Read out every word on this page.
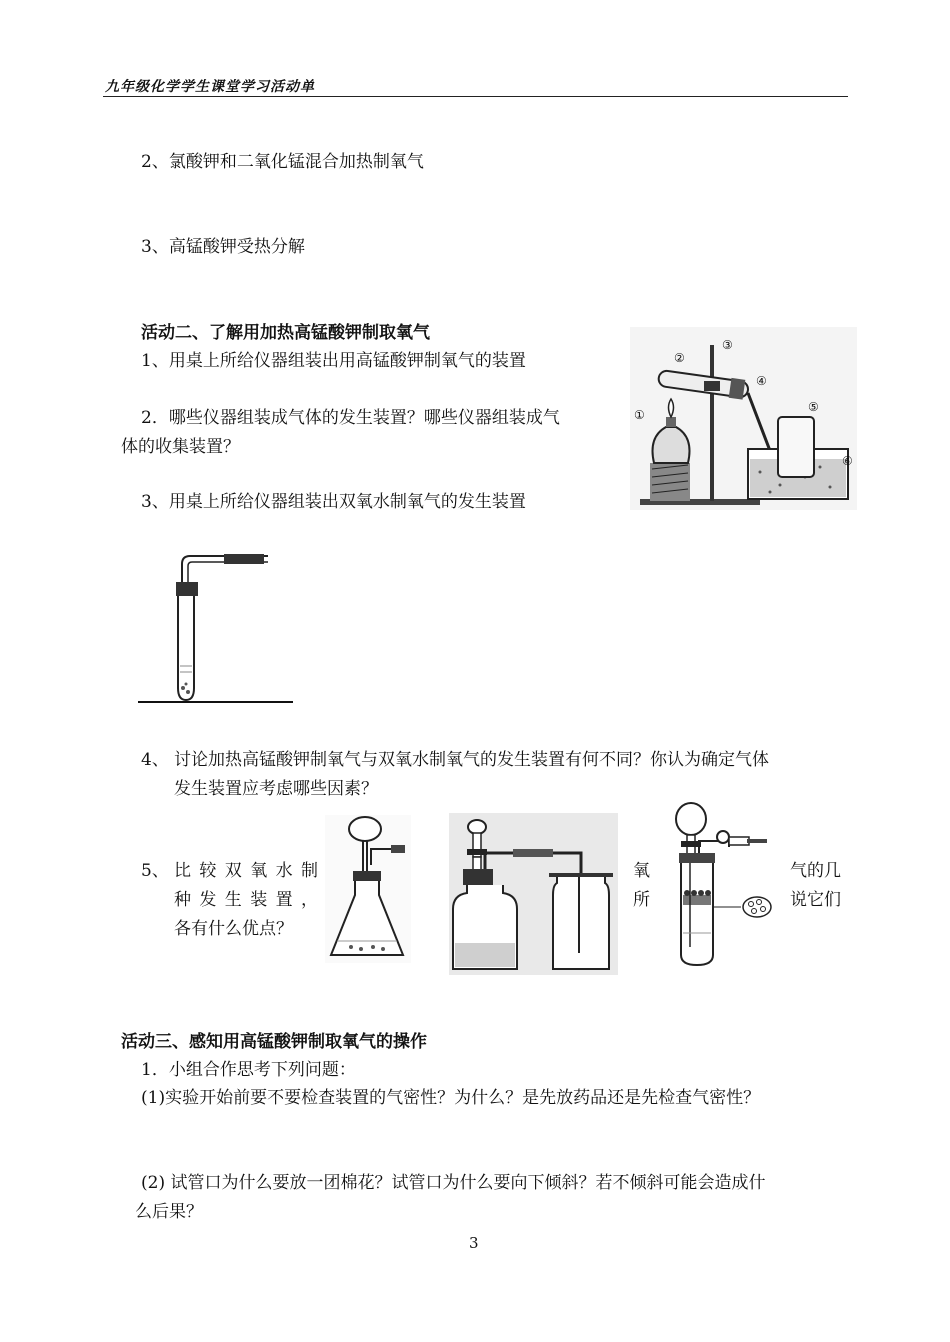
九年级化学学生课堂学习活动单
2、氯酸钾和二氧化锰混合加热制氧气
3、高锰酸钾受热分解
活动二、了解用加热高锰酸钾制取氧气
1、用桌上所给仪器组装出用高锰酸钾制氧气的装置
2．哪些仪器组装成气体的发生装置？哪些仪器组装成气
体的收集装置？
3、用桌上所给仪器组装出双氧水制氧气的发生装置
①
②
③
④
⑤
⑥
4、 讨论加热高锰酸钾制氧气与双氧水制氧气的发生装置有何不同？你认为确定气体
发生装置应考虑哪些因素？
5、 比较双氧水制
种发生装置，
各有什么优点？
氧	气的几
所	说它们
活动三、感知用高锰酸钾制取氧气的操作
1．小组合作思考下列问题：
(1)实验开始前要不要检查装置的气密性？为什么？是先放药品还是先检查气密性？
(2) 试管口为什么要放一团棉花？试管口为什么要向下倾斜？若不倾斜可能会造成什
么后果？
3
